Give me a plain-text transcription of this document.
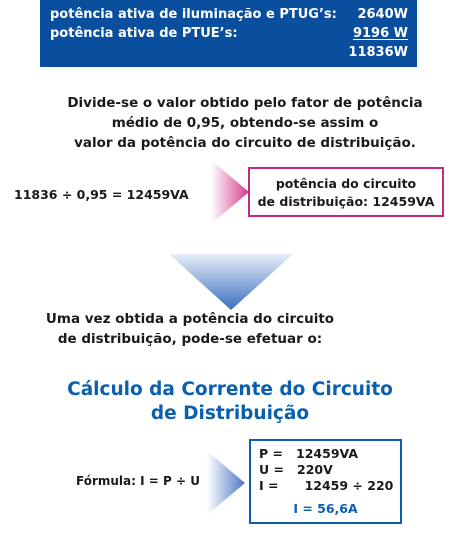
potência ativa de iluminação e PTUG’s: 2640W
potência ativa de PTUE’s:	9196 W
11836W
Divide-se o valor obtido pelo fator de potência
médio de 0,95, obtendo-se assim o
valor da potência do circuito de distribuição.
11836 ÷ 0,95 = 12459VA
potência do circuito
de distribuição: 12459VA
Uma vez obtida a potência do circuito
de distribuição, pode-se efetuar o:
Cálculo da Corrente do Circuito
de Distribuição
Fórmula: I = P ÷ U
P =   12459VA
U =   220V
I =      12459 ÷ 220
I = 56,6A
